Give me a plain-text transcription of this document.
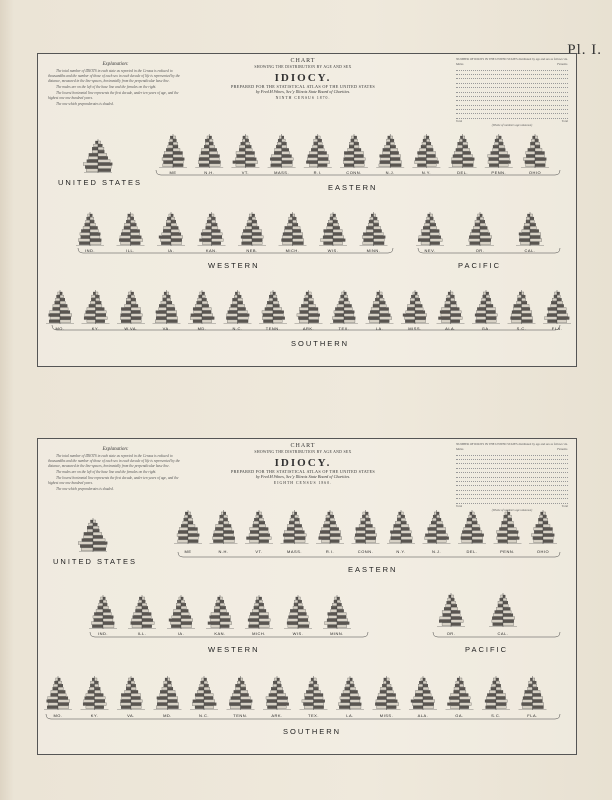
Pl. I.
Explanation:

The total number of IDIOTS in each state as reported in the Census is reduced to thousandths and the number of those of each sex in each decade of life is represented by the distance, measured in the line-spaces, horizontally from the perpendicular base line.

The males are on the left of the base line and the females on the right.

The lowest horizontal line represents the first decade, under ten years of age, and the highest one one hundred years.

The one which preponderates is shaded.

CHART
SHOWING THE DISTRIBUTION BY AGE AND SEX
IDIOCY.
PREPARED FOR THE STATISTICAL ATLAS OF THE UNITED STATES
by Fred.H.Wines, Sec'y Illinois State Board of Charities.
NINTH CENSUS 1870.
NUMBER OF IDIOTS IN THE UNITED STATES distributed by age and sex as follows viz.
Males.	Females.
Total	Total
(Whole of numbers age unknown)
UNITED STATES
ME	N.H.	VT.	MASS.	R.I.	CONN.	N.J.	N.Y.	DEL.	PENN.	OHIO
EASTERN
IND.	ILL.	IA.	KAN.	NEB.	MICH.	WIS.	MINN.
WESTERN
NEV.	OR.	CAL.
PACIFIC
MO.	KY.	W.VA.	VA.	MD.	N.C.	TENN.	ARK.	TEX.	LA.	MISS.	ALA.	GA.	S.C.	FLA.
SOUTHERN
Explanation:

The total number of IDIOTS in each state as reported in the Census is reduced to thousandths and the number of those of each sex in each decade of life is represented by the distance, measured in the line-spaces, horizontally from the perpendicular base line.

The males are on the left of the base line and the females on the right.

The lowest horizontal line represents the first decade, under ten years of age, and the highest one one hundred years.

The one which preponderates is shaded.

CHART
SHOWING THE DISTRIBUTION BY AGE AND SEX
IDIOCY.
PREPARED FOR THE STATISTICAL ATLAS OF THE UNITED STATES
by Fred.H.Wines, Sec'y Illinois State Board of Charities.
EIGHTH CENSUS 1860.
NUMBER OF IDIOTS IN THE UNITED STATES distributed by age and sex as follows viz.
Males.	Females.
Total	Total
(Whole of numbers age unknown)
UNITED STATES
ME	N.H.	VT.	MASS.	R.I.	CONN.	N.Y.	N.J.	DEL.	PENN.	OHIO
EASTERN
IND.	ILL.	IA.	KAN.	MICH.	WIS.	MINN.
WESTERN
OR.	CAL.
PACIFIC
MO.	KY.	VA.	MD.	N.C.	TENN.	ARK.	TEX.	LA.	MISS.	ALA.	GA.	S.C.	FLA.
SOUTHERN
